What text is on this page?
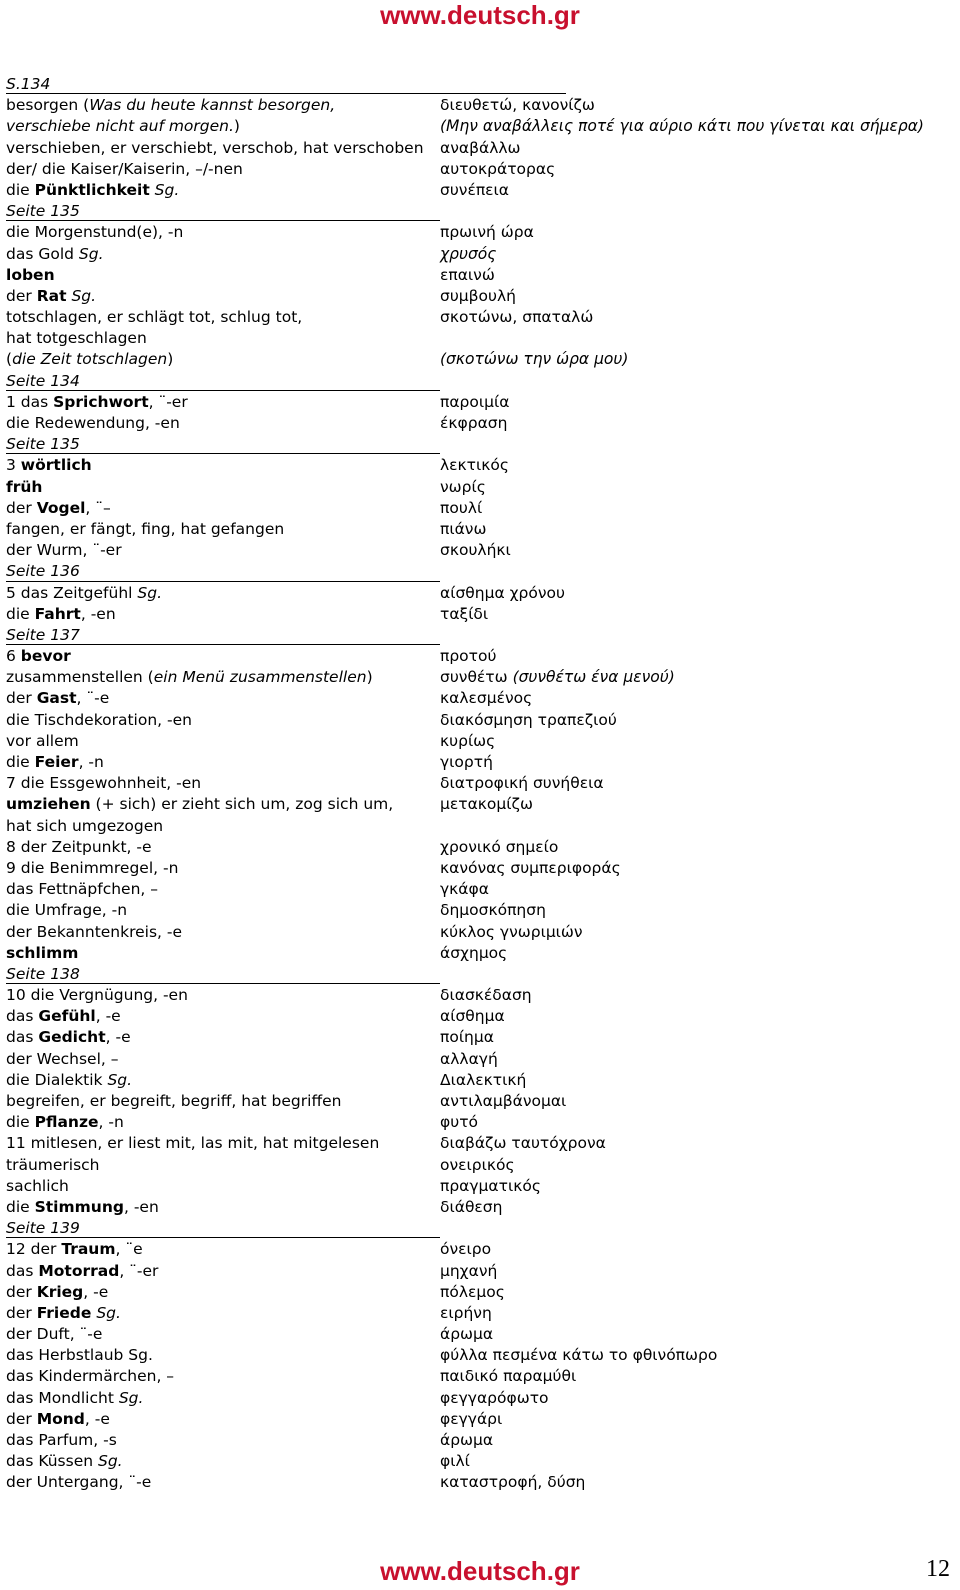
www.deutsch.gr
S.134
besorgen (Was du heute kannst besorgen,	διευθετώ, κανονίζω
verschiebe nicht auf morgen.)	(Μην αναβάλλεις ποτέ για αύριο κάτι που γίνεται και σήμερα)
verschieben, er verschiebt, verschob, hat verschoben	αναβάλλω
der/ die Kaiser/Kaiserin, –/-nen	αυτοκράτορας
die Pünktlichkeit Sg.	συνέπεια
Seite 135
die Morgenstund(e), -n	πρωινή ώρα
das Gold Sg.	χρυσός
loben	επαινώ
der Rat Sg.	συμβουλή
totschlagen, er schlägt tot, schlug tot,	σκοτώνω, σπαταλώ
hat totgeschlagen
(die Zeit totschlagen)	(σκοτώνω την ώρα μου)
Seite 134
1 das Sprichwort, ¨-er	παροιμία
die Redewendung, -en	έκφραση
Seite 135
3 wörtlich	λεκτικός
früh	νωρίς
der Vogel, ¨–	πουλί
fangen, er fängt, fing, hat gefangen	πιάνω
der Wurm, ¨-er	σκουλήκι
Seite 136
5 das Zeitgefühl Sg.	αίσθημα χρόνου
die Fahrt, -en	ταξίδι
Seite 137
6 bevor	προτού
zusammenstellen (ein Menü zusammenstellen)	συνθέτω (συνθέτω ένα μενού)
der Gast, ¨-e	καλεσμένος
die Tischdekoration, -en	διακόσμηση τραπεζιού
vor allem	κυρίως
die Feier, -n	γιορτή
7 die Essgewohnheit, -en	διατροφική συνήθεια
umziehen (+ sich) er zieht sich um, zog sich um,	μετακομίζω
hat sich umgezogen
8 der Zeitpunkt, -e	χρονικό σημείο
9 die Benimmregel, -n	κανόνας συμπεριφοράς
das Fettnäpfchen, –	γκάφα
die Umfrage, -n	δημοσκόπηση
der Bekanntenkreis, -e	κύκλος γνωριμιών
schlimm	άσχημος
Seite 138
10 die Vergnügung, -en	διασκέδαση
das Gefühl, -e	αίσθημα
das Gedicht, -e	ποίημα
der Wechsel, –	αλλαγή
die Dialektik Sg.	Διαλεκτική
begreifen, er begreift, begriff, hat begriffen	αντιλαμβάνομαι
die Pflanze, -n	φυτό
11 mitlesen, er liest mit, las mit, hat mitgelesen	διαβάζω ταυτόχρονα
träumerisch	ονειρικός
sachlich	πραγματικός
die Stimmung, -en	διάθεση
Seite 139
12 der Traum, ¨e	όνειρο
das Motorrad, ¨-er	μηχανή
der Krieg, -e	πόλεμος
der Friede Sg.	ειρήνη
der Duft, ¨-e	άρωμα
das Herbstlaub Sg.	φύλλα πεσμένα κάτω το φθινόπωρο
das Kindermärchen, –	παιδικό παραμύθι
das Mondlicht Sg.	φεγγαρόφωτο
der Mond, -e	φεγγάρι
das Parfum, -s	άρωμα
das Küssen Sg.	φιλί
der Untergang, ¨-e	καταστροφή, δύση
www.deutsch.gr	12
